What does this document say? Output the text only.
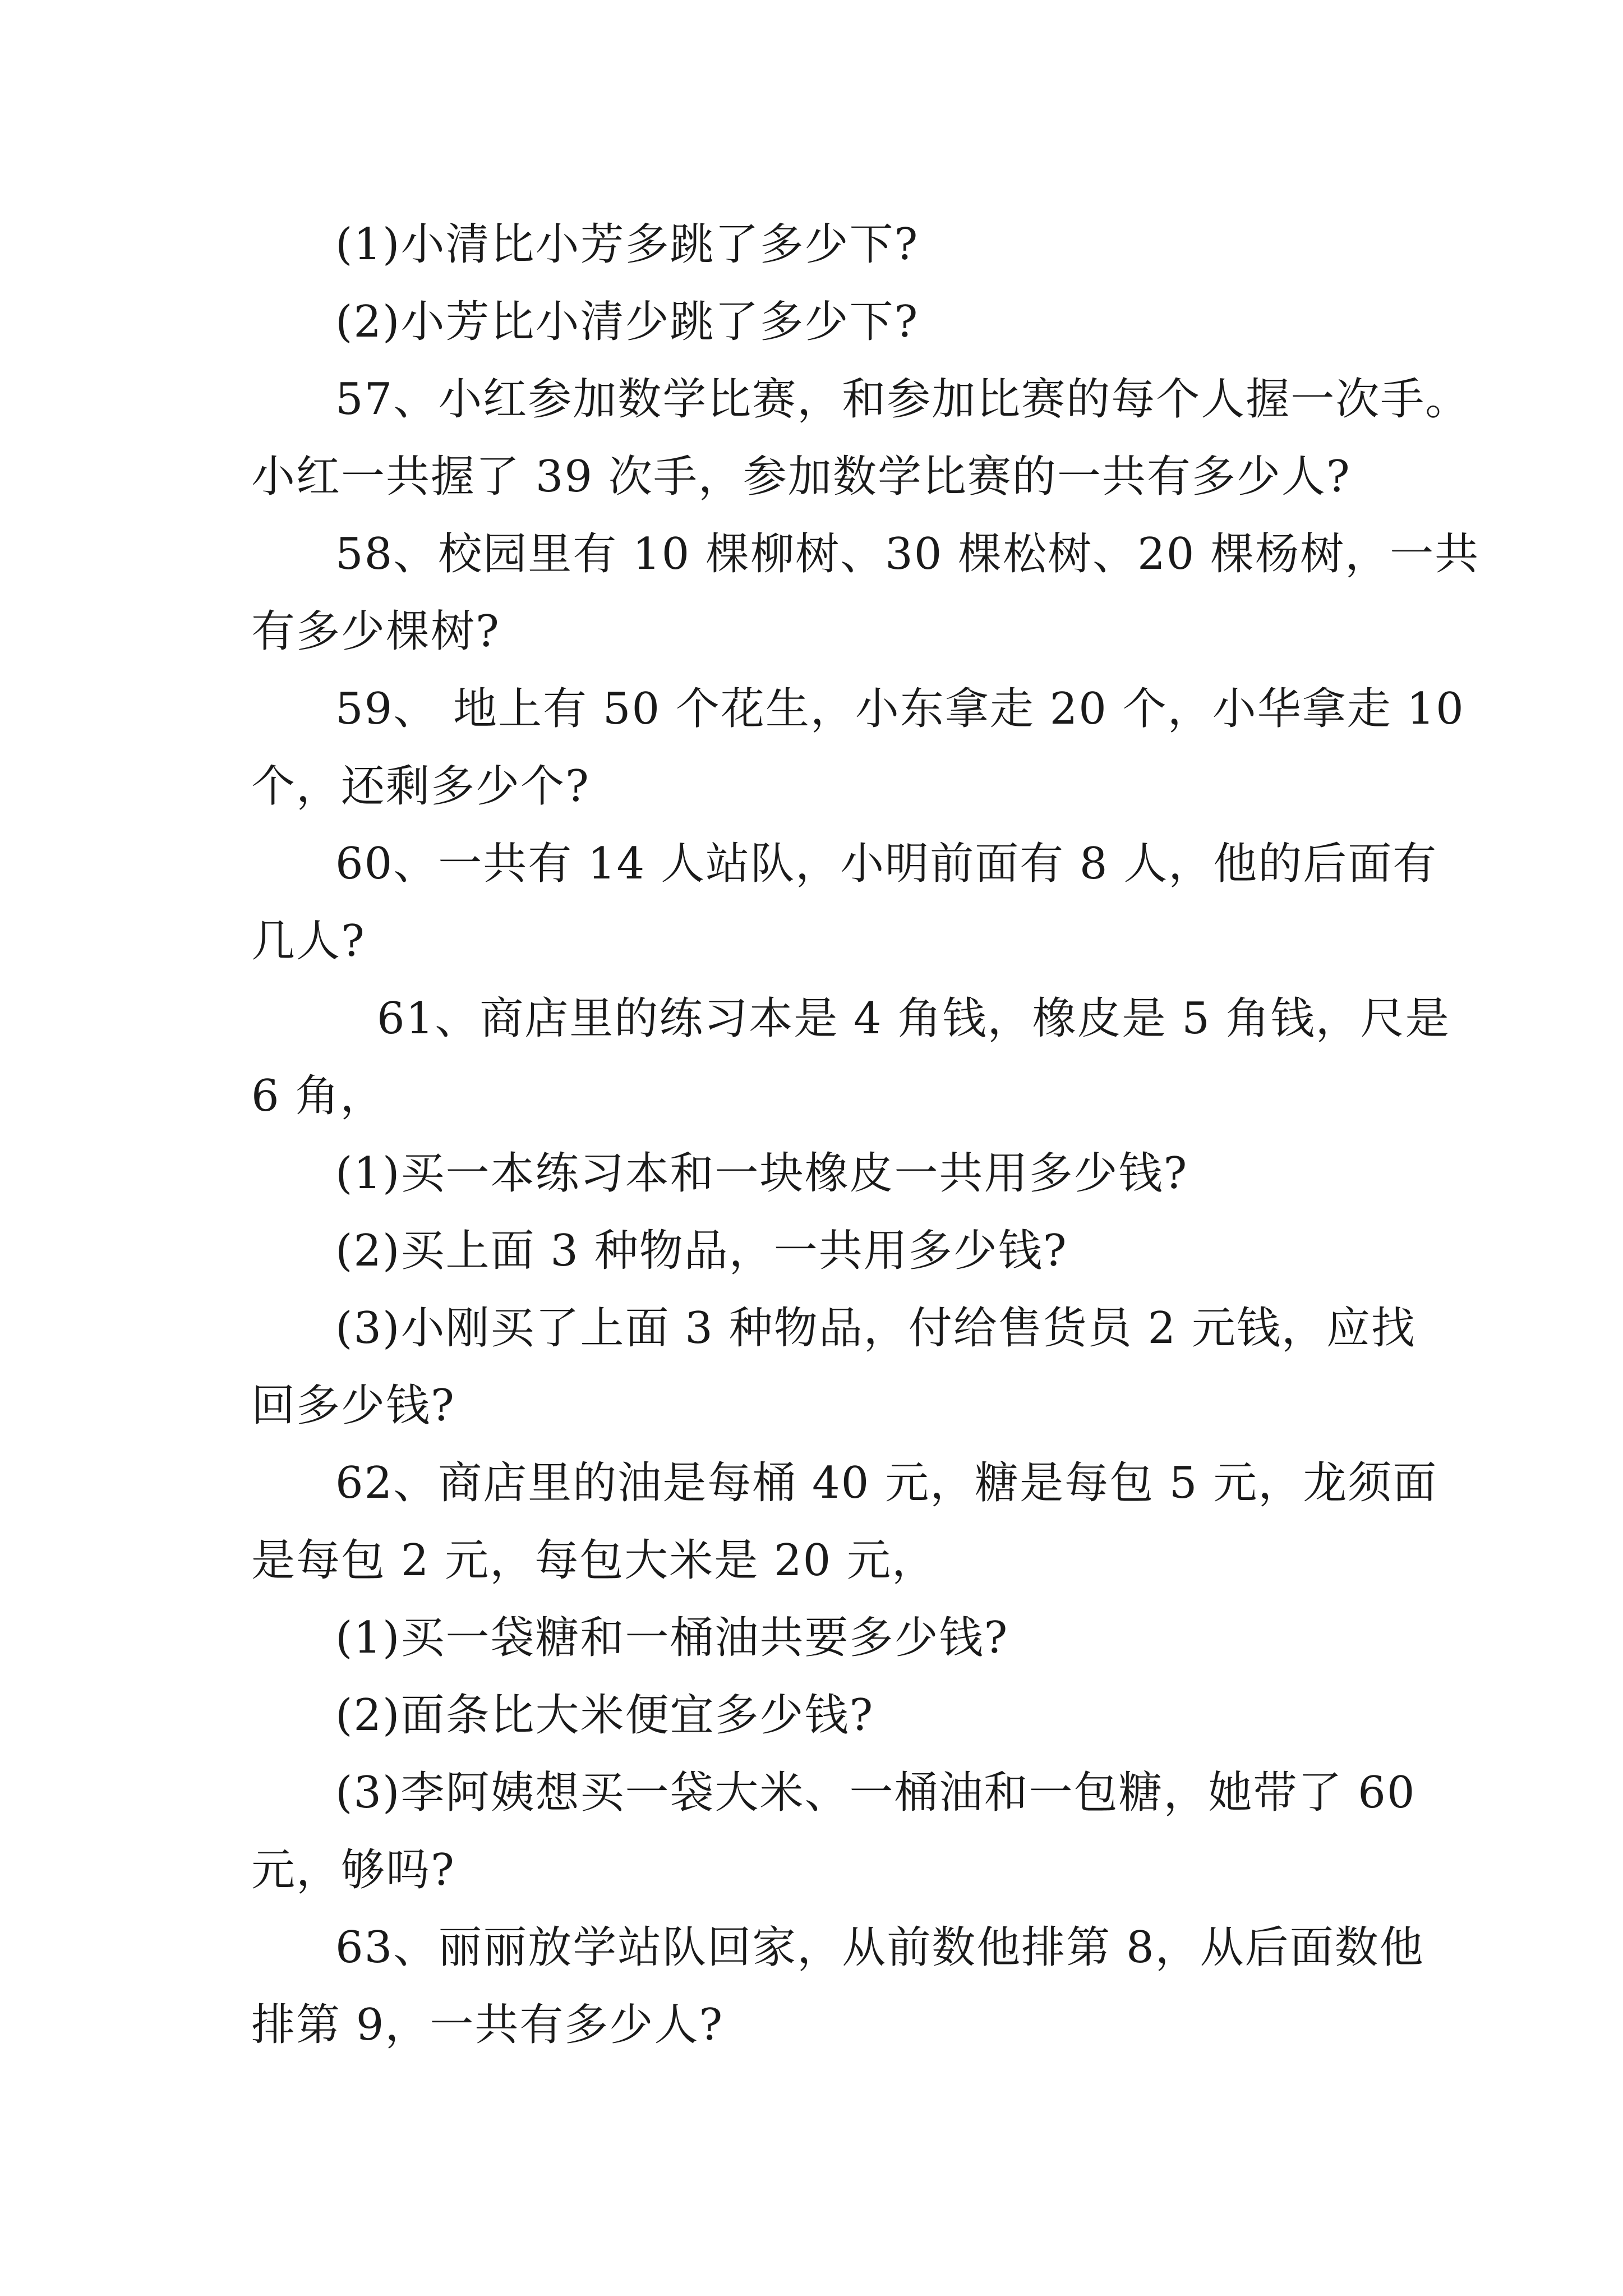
(1)小清比小芳多跳了多少下?
(2)小芳比小清少跳了多少下?
57、小红参加数学比赛，和参加比赛的每个人握一次手。
小红一共握了 39 次手，参加数学比赛的一共有多少人?
58、校园里有 10 棵柳树、30 棵松树、20 棵杨树，一共
有多少棵树?
59、 地上有 50 个花生，小东拿走 20 个，小华拿走 10
个，还剩多少个?
60、一共有 14 人站队，小明前面有 8 人，他的后面有
几人?
61、商店里的练习本是 4 角钱，橡皮是 5 角钱，尺是
6 角，
(1)买一本练习本和一块橡皮一共用多少钱?
(2)买上面 3 种物品，一共用多少钱?
(3)小刚买了上面 3 种物品，付给售货员 2 元钱，应找
回多少钱?
62、商店里的油是每桶 40 元，糖是每包 5 元，龙须面
是每包 2 元，每包大米是 20 元，
(1)买一袋糖和一桶油共要多少钱?
(2)面条比大米便宜多少钱?
(3)李阿姨想买一袋大米、一桶油和一包糖，她带了 60
元，够吗?
63、丽丽放学站队回家，从前数他排第 8，从后面数他
排第 9，一共有多少人?
